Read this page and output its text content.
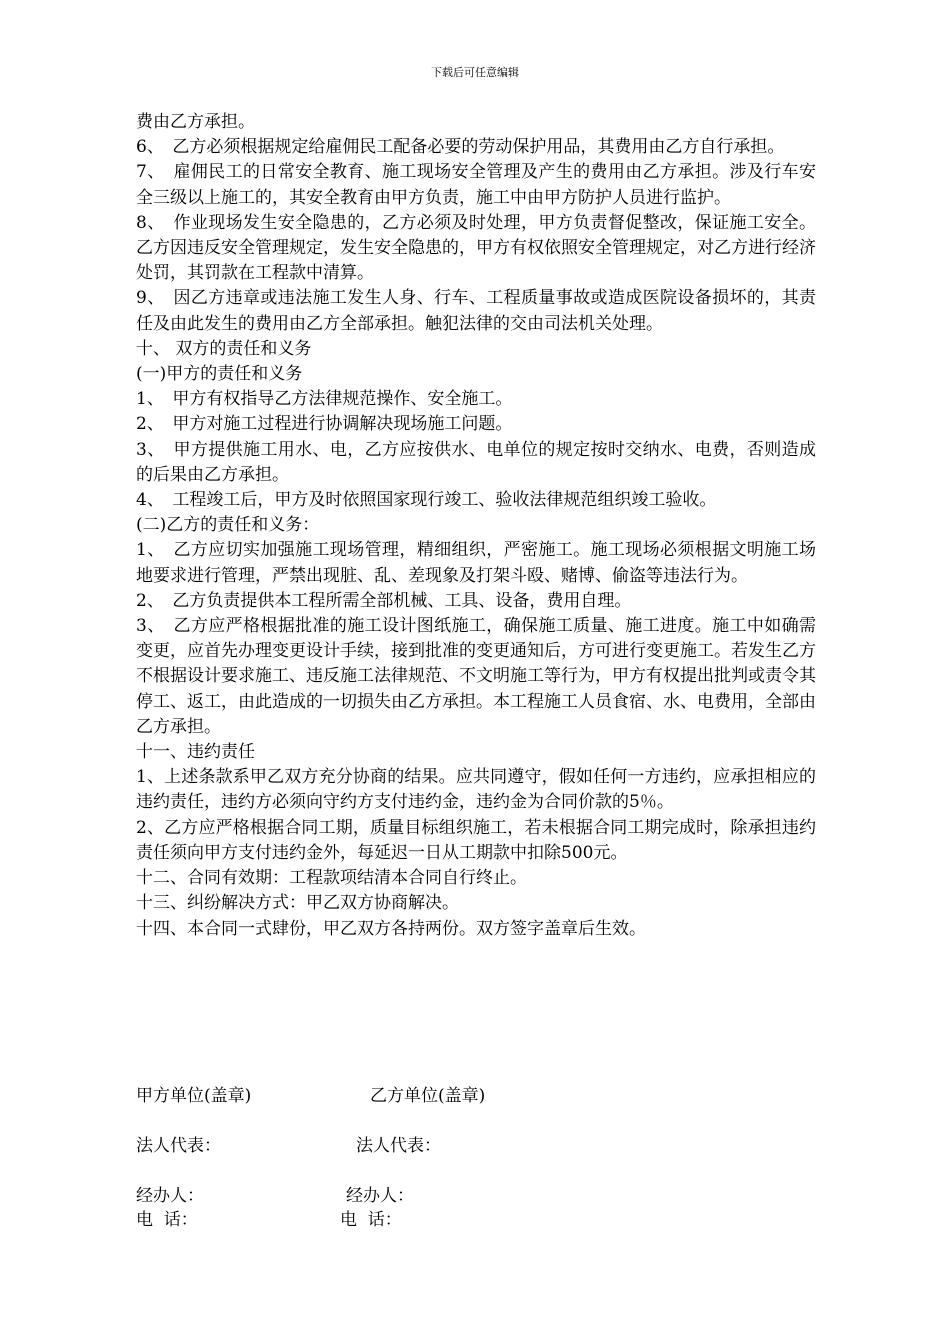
下载后可任意编辑

费由乙方承担。

6、　乙方必须根据规定给雇佣民工配备必要的劳动保护用品，其费用由乙方自行承担。

7、　雇佣民工的日常安全教育、施工现场安全管理及产生的费用由乙方承担。涉及行车安全三级以上施工的，其安全教育由甲方负责，施工中由甲方防护人员进行监护。

8、　作业现场发生安全隐患的，乙方必须及时处理，甲方负责督促整改，保证施工安全。乙方因违反安全管理规定，发生安全隐患的，甲方有权依照安全管理规定，对乙方进行经济处罚，其罚款在工程款中清算。

9、　因乙方违章或违法施工发生人身、行车、工程质量事故或造成医院设备损坏的，其责任及由此发生的费用由乙方全部承担。触犯法律的交由司法机关处理。

十、 双方的责任和义务

(一)甲方的责任和义务

1、　甲方有权指导乙方法律规范操作、安全施工。

2、　甲方对施工过程进行协调解决现场施工问题。

3、　甲方提供施工用水、电，乙方应按供水、电单位的规定按时交纳水、电费，否则造成的后果由乙方承担。

4、　工程竣工后，甲方及时依照国家现行竣工、验收法律规范组织竣工验收。

(二)乙方的责任和义务：

1、　乙方应切实加强施工现场管理，精细组织，严密施工。施工现场必须根据文明施工场地要求进行管理，严禁出现脏、乱、差现象及打架斗殴、赌博、偷盗等违法行为。

2、　乙方负责提供本工程所需全部机械、工具、设备，费用自理。

3、　乙方应严格根据批准的施工设计图纸施工，确保施工质量、施工进度。施工中如确需变更，应首先办理变更设计手续，接到批准的变更通知后，方可进行变更施工。若发生乙方不根据设计要求施工、违反施工法律规范、不文明施工等行为，甲方有权提出批判或责令其停工、返工，由此造成的一切损失由乙方承担。本工程施工人员食宿、水、电费用，全部由乙方承担。

十一、违约责任

1、上述条款系甲乙双方充分协商的结果。应共同遵守，假如任何一方违约，应承担相应的违约责任，违约方必须向守约方支付违约金，违约金为合同价款的5％。

2、乙方应严格根据合同工期，质量目标组织施工，若未根据合同工期完成时，除承担违约责任须向甲方支付违约金外，每延迟一日从工期款中扣除500元。

十二、合同有效期：工程款项结清本合同自行终止。

十三、纠纷解决方式：甲乙双方协商解决。

十四、本合同一式肆份，甲乙双方各持两份。双方签字盖章后生效。

甲方单位(盖章)	乙方单位(盖章)
法人代表：	法人代表：
经办人：	经办人：
电  话：	电  话：
